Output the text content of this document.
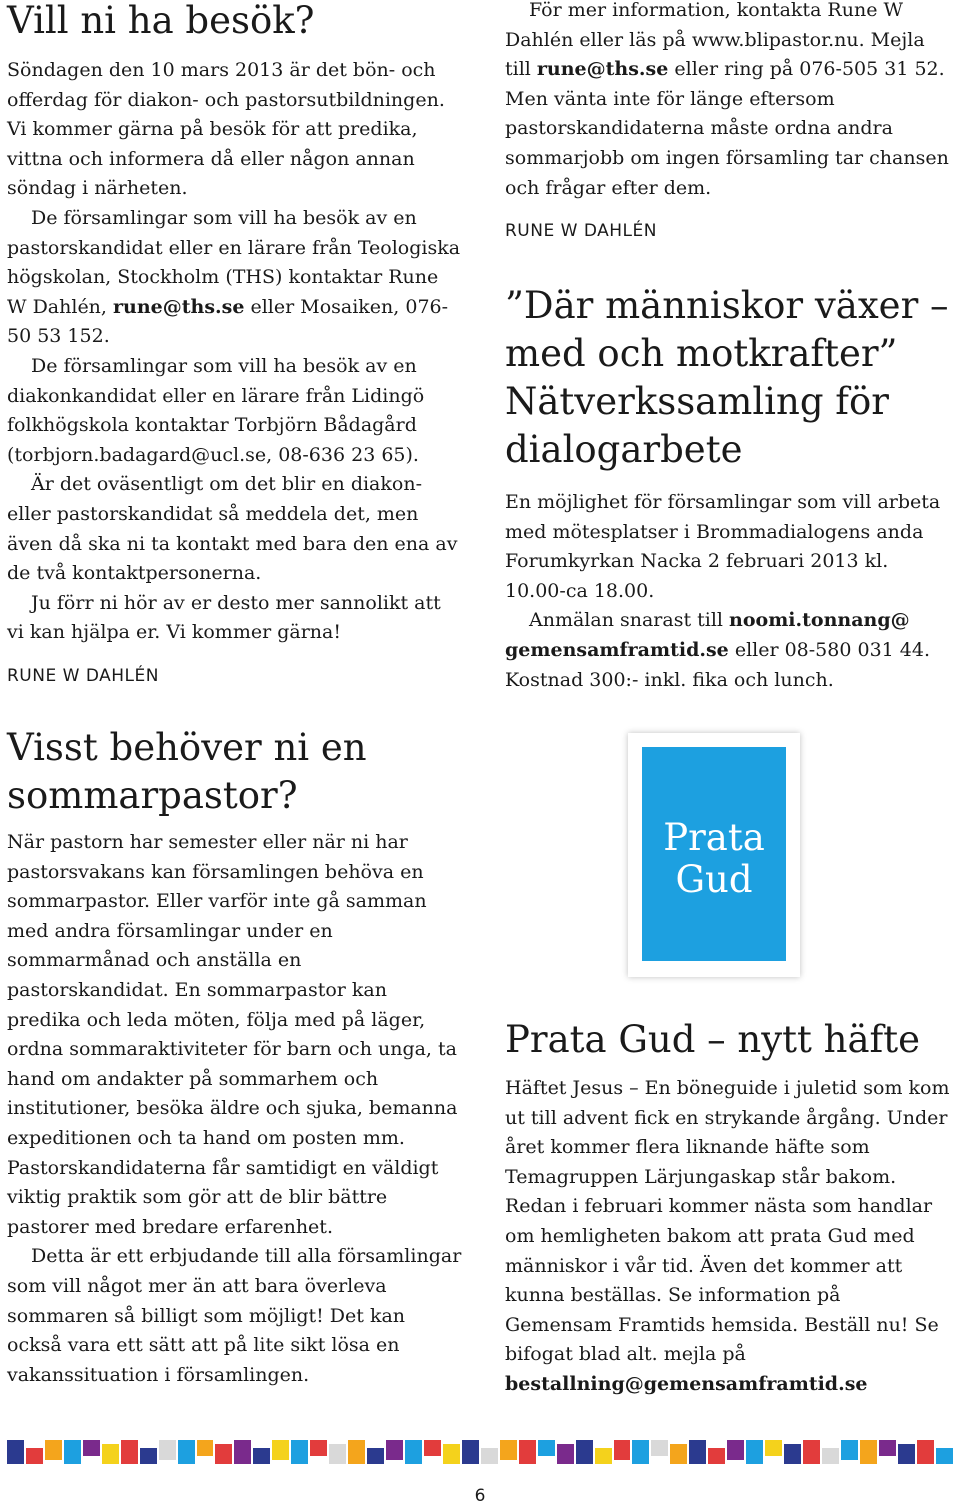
Vill ni ha besök?

Söndagen den 10 mars 2013 är det bön- och offerdag för diakon- och pastorsutbildningen. Vi kommer gärna på besök för att predika, vittna och informera då eller någon annan söndag i närheten.

De församlingar som vill ha besök av en pastorskandidat eller en lärare från Teologiska högskolan, Stockholm (THS) kontaktar Rune W Dahlén, rune@ths.se eller Mosaiken, 076-50 53 152.

De församlingar som vill ha besök av en diakonkandidat eller en lärare från Lidingö folkhögskola kontaktar Torbjörn Bådagård (torbjorn.badagard@ucl.se, 08-636 23 65).

Är det oväsentligt om det blir en diakon- eller pastorskandidat så meddela det, men även då ska ni ta kontakt med bara den ena av de två kontaktpersonerna.

Ju förr ni hör av er desto mer sannolikt att vi kan hjälpa er. Vi kommer gärna!

RUNE W DAHLÉN
Visst behöver ni en
sommarpastor?

När pastorn har semester eller när ni har pastorsvakans kan församlingen behöva en sommarpastor. Eller varför inte gå samman med andra församlingar under en sommarmånad och anställa en pastorskandidat. En sommarpastor kan predika och leda möten, följa med på läger, ordna sommaraktiviteter för barn och unga, ta hand om andakter på sommarhem och institutioner, besöka äldre och sjuka, bemanna expeditionen och ta hand om posten mm. Pastorskandidaterna får samtidigt en väldigt viktig praktik som gör att de blir bättre pastorer med bredare erfarenhet.

Detta är ett erbjudande till alla församlingar som vill något mer än att bara överleva sommaren så billigt som möjligt! Det kan också vara ett sätt att på lite sikt lösa en vakanssituation i församlingen.

För mer information, kontakta Rune W Dahlén eller läs på www.blipastor.nu. Mejla till rune@ths.se eller ring på 076-505 31 52. Men vänta inte för länge eftersom pastorskandidaterna måste ordna andra sommarjobb om ingen församling tar chansen och frågar efter dem.

RUNE W DAHLÉN
”Där människor växer –
med och motkrafter”
Nätverkssamling för
dialogarbete

En möjlighet för församlingar som vill arbeta med mötesplatser i Brommadialogens anda Forumkyrkan Nacka 2 februari 2013 kl. 10.00-ca 18.00.

Anmälan snarast till noomi.tonnang@ gemensamframtid.se eller 08-580 031 44. Kostnad 300:- inkl. fika och lunch.

Prata
Gud
Prata Gud – nytt häfte

Häftet Jesus – En böneguide i juletid som kom ut till advent fick en strykande årgång. Under året kommer flera liknande häfte som Temagruppen Lärjungaskap står bakom. Redan i februari kommer nästa som handlar om hemligheten bakom att prata Gud med människor i vår tid. Även det kommer att kunna beställas. Se information på Gemensam Framtids hemsida. Beställ nu! Se bifogat blad alt. mejla på bestallning@gemensamframtid.se

6
